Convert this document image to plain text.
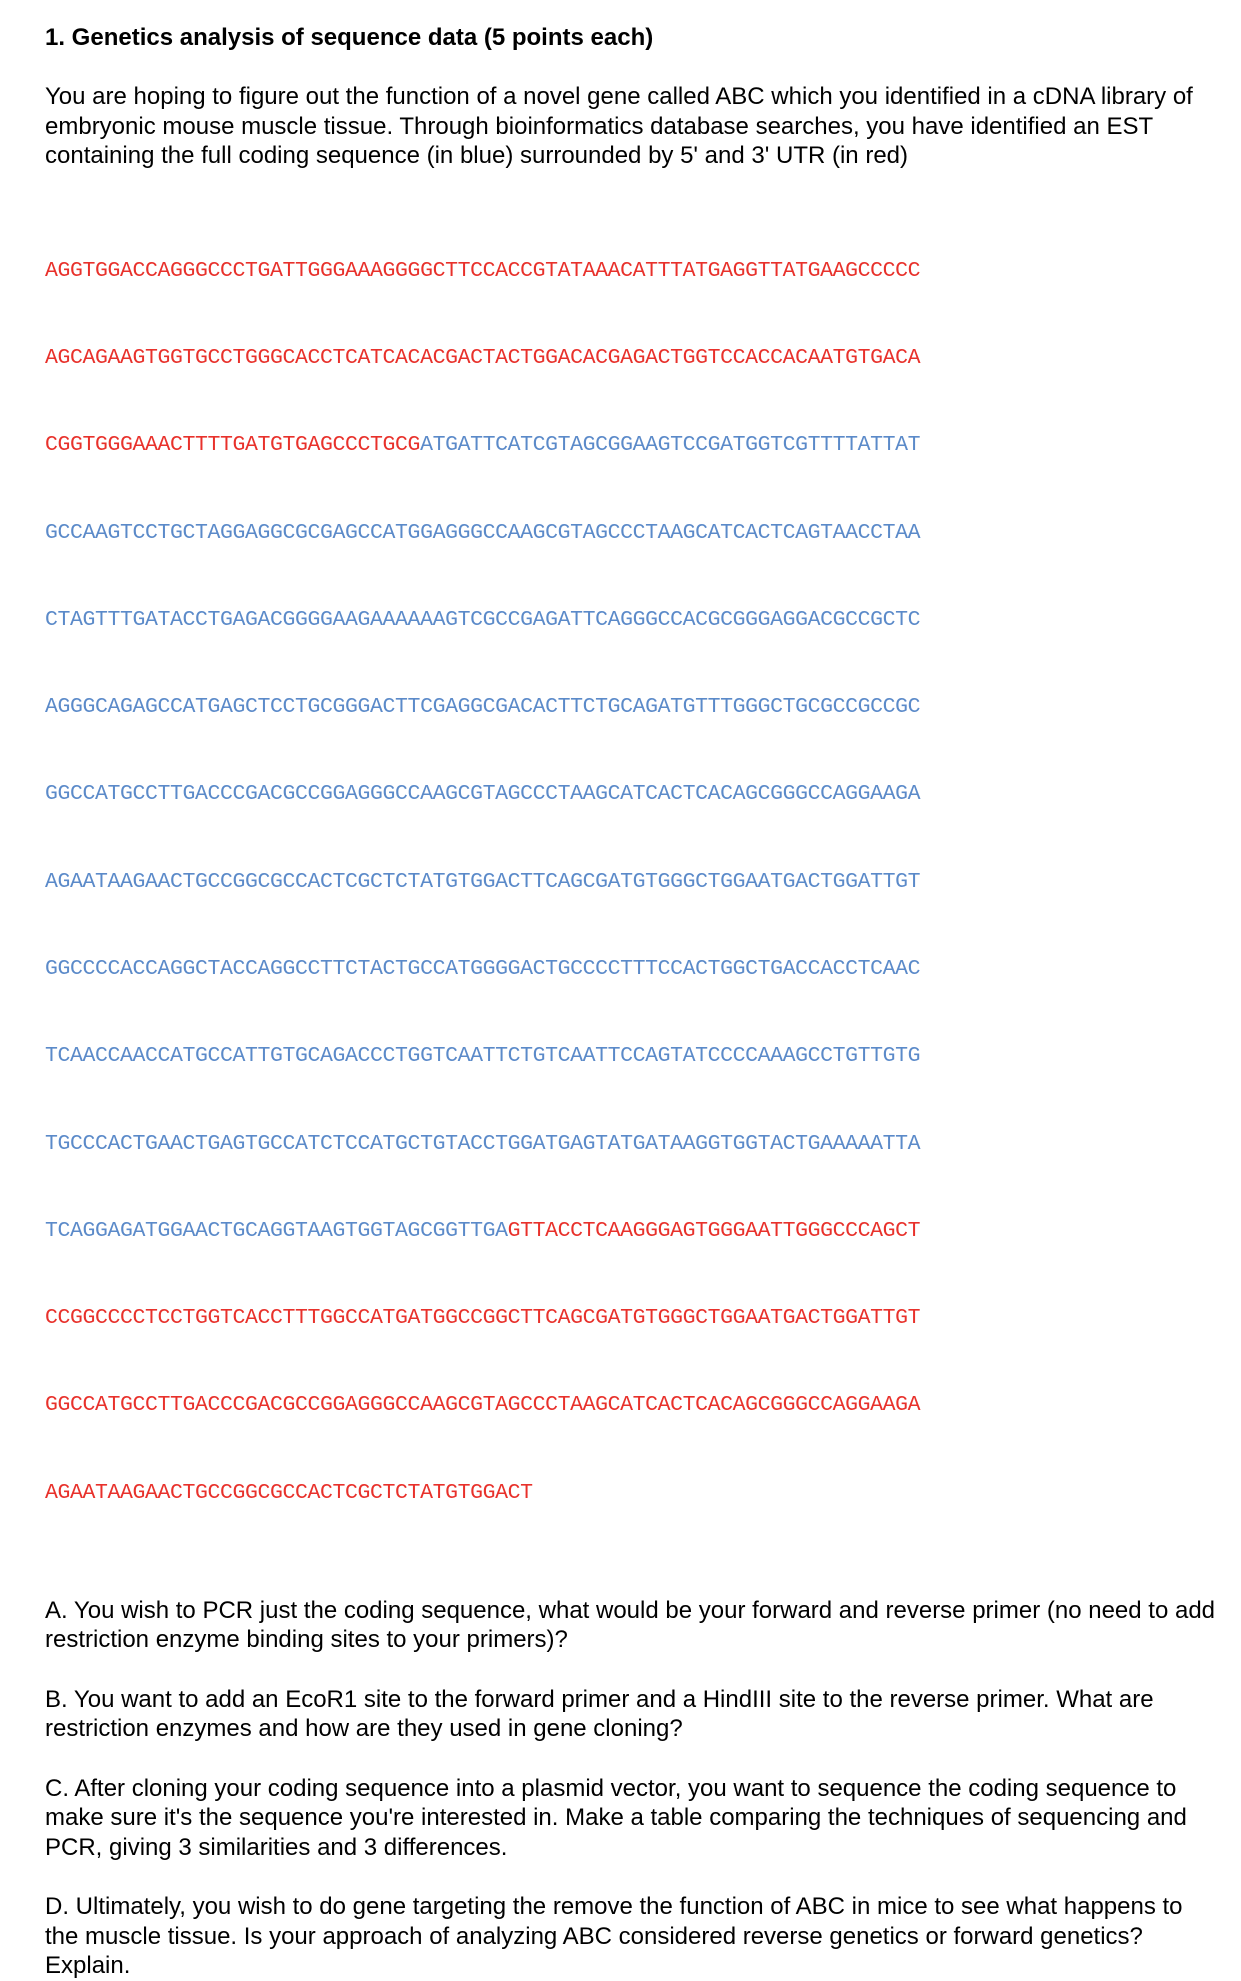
1. Genetics analysis of sequence data (5 points each)

You are hoping to figure out the function of a novel gene called ABC which you identified in a cDNA library of embryonic mouse muscle tissue. Through bioinformatics database searches, you have identified an EST containing the full coding sequence (in blue) surrounded by 5' and 3' UTR (in red)

AGGTGGACCAGGGCCCTGATTGGGAAAGGGGCTTCCACCGTATAAACATTTATGAGGTTATGAAGCCCCC

AGCAGAAGTGGTGCCTGGGCACCTCATCACACGACTACTGGACACGAGACTGGTCCACCACAATGTGACA

CGGTGGGAAACTTTTGATGTGAGCCCTGCGATGATTCATCGTAGCGGAAGTCCGATGGTCGTTTTATTAT

GCCAAGTCCTGCTAGGAGGCGCGAGCCATGGAGGGCCAAGCGTAGCCCTAAGCATCACTCAGTAACCTAA

CTAGTTTGATACCTGAGACGGGGAAGAAAAAAGTCGCCGAGATTCAGGGCCACGCGGGAGGACGCCGCTC

AGGGCAGAGCCATGAGCTCCTGCGGGACTTCGAGGCGACACTTCTGCAGATGTTTGGGCTGCGCCGCCGC

GGCCATGCCTTGACCCGACGCCGGAGGGCCAAGCGTAGCCCTAAGCATCACTCACAGCGGGCCAGGAAGA

AGAATAAGAACTGCCGGCGCCACTCGCTCTATGTGGACTTCAGCGATGTGGGCTGGAATGACTGGATTGT

GGCCCCACCAGGCTACCAGGCCTTCTACTGCCATGGGGACTGCCCCTTTCCACTGGCTGACCACCTCAAC

TCAACCAACCATGCCATTGTGCAGACCCTGGTCAATTCTGTCAATTCCAGTATCCCCAAAGCCTGTTGTG

TGCCCACTGAACTGAGTGCCATCTCCATGCTGTACCTGGATGAGTATGATAAGGTGGTACTGAAAAATTA

TCAGGAGATGGAACTGCAGGTAAGTGGTAGCGGTTGAGTTACCTCAAGGGAGTGGGAATTGGGCCCAGCT

CCGGCCCCTCCTGGTCACCTTTGGCCATGATGGCCGGCTTCAGCGATGTGGGCTGGAATGACTGGATTGT

GGCCATGCCTTGACCCGACGCCGGAGGGCCAAGCGTAGCCCTAAGCATCACTCACAGCGGGCCAGGAAGA

AGAATAAGAACTGCCGGCGCCACTCGCTCTATGTGGACT

A. You wish to PCR just the coding sequence, what would be your forward and reverse primer (no need to add restriction enzyme binding sites to your primers)?

B. You want to add an EcoR1 site to the forward primer and a HindIII site to the reverse primer. What are restriction enzymes and how are they used in gene cloning?

C. After cloning your coding sequence into a plasmid vector, you want to sequence the coding sequence to make sure it's the sequence you're interested in. Make a table comparing the techniques of sequencing and PCR, giving 3 similarities and 3 differences.

D. Ultimately, you wish to do gene targeting the remove the function of ABC in mice to see what happens to the muscle tissue. Is your approach of analyzing ABC considered reverse genetics or forward genetics? Explain.
